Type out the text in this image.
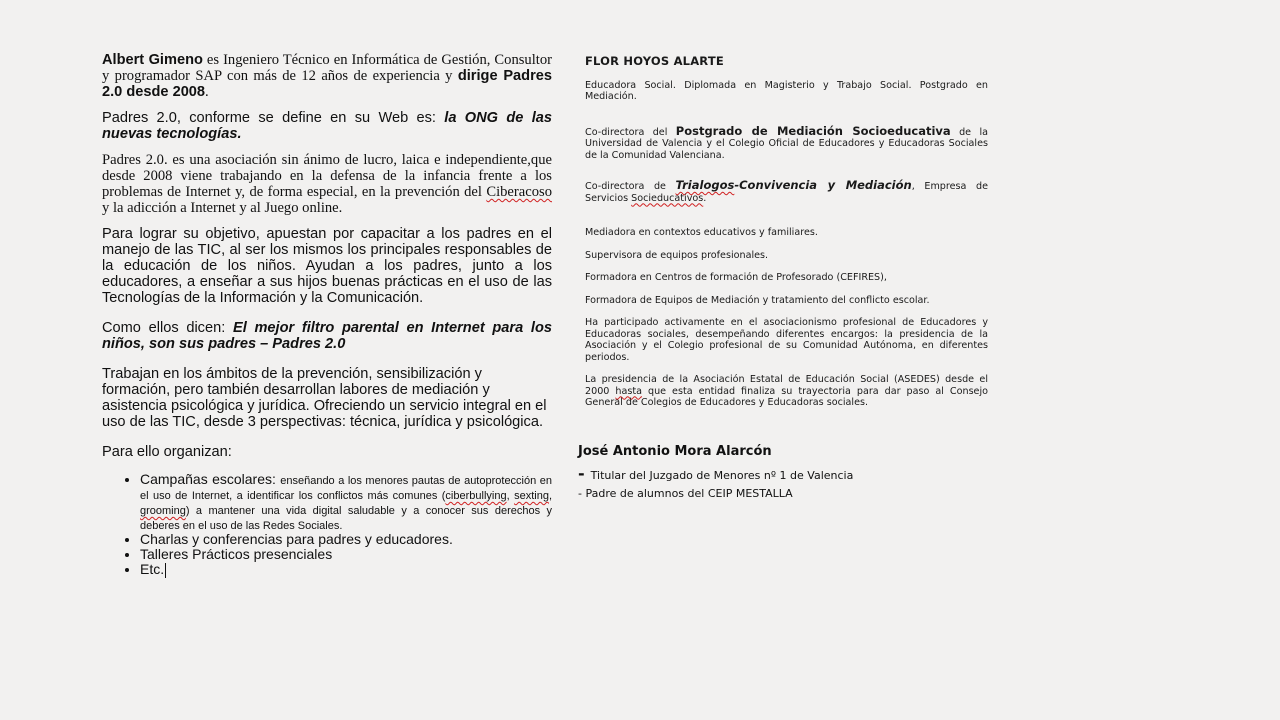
Albert Gimeno es Ingeniero Técnico en Informática de Gestión, Consultor y programador SAP con más de 12 años de experiencia y dirige Padres 2.0 desde 2008.

Padres 2.0, conforme se define en su Web es: la ONG de las nuevas tecnologías.

Padres 2.0. es una asociación sin ánimo de lucro, laica e independiente,que desde 2008 viene trabajando en la defensa de la infancia frente a los problemas de Internet y, de forma especial, en la prevención del Ciberacoso y la adicción a Internet y al Juego online.

Para lograr su objetivo, apuestan por capacitar a los padres en el manejo de las TIC, al ser los mismos los principales responsables de la educación de los niños. Ayudan a los padres, junto a los educadores, a enseñar a sus hijos buenas prácticas en el uso de las Tecnologías de la Información y la Comunicación.

Como ellos dicen: El mejor filtro parental en Internet para los niños, son sus padres – Padres 2.0

Trabajan en los ámbitos de la prevención, sensibilización y formación, pero también desarrollan labores de mediación y asistencia psicológica y jurídica. Ofreciendo un servicio integral en el uso de las TIC, desde 3 perspectivas: técnica, jurídica y psicológica.

Para ello organizan:

• Campañas escolares: enseñando a los menores pautas de autoprotección en el uso de Internet, a identificar los conflictos más comunes (ciberbullying, sexting, grooming) a mantener una vida digital saludable y a conocer sus derechos y deberes en el uso de las Redes Sociales.
• Charlas y conferencias para padres y educadores.
• Talleres Prácticos presenciales
• Etc.
FLOR HOYOS ALARTE

Educadora Social. Diplomada en Magisterio y Trabajo Social. Postgrado en Mediación.

Co-directora del Postgrado de Mediación Socioeducativa de la Universidad de Valencia y el Colegio Oficial de Educadores y Educadoras Sociales de la Comunidad Valenciana.

Co-directora de Trialogos-Convivencia y Mediación, Empresa de Servicios Socieducativos.

Mediadora en contextos educativos y familiares.

Supervisora de equipos profesionales.

Formadora en Centros de formación de Profesorado (CEFIRES),

Formadora de Equipos de Mediación y tratamiento del conflicto escolar.

Ha participado activamente en el asociacionismo profesional de Educadores y Educadoras sociales, desempeñando diferentes encargos: la presidencia de la Asociación y el Colegio profesional de su Comunidad Autónoma, en diferentes periodos.

La presidencia de la Asociación Estatal de Educación Social (ASEDES) desde el 2000 hasta que esta entidad finaliza su trayectoria para dar paso al Consejo General de Colegios de Educadores y Educadoras sociales.

José Antonio Mora Alarcón
- Titular del Juzgado de Menores nº 1 de Valencia
- Padre de alumnos del CEIP MESTALLA
